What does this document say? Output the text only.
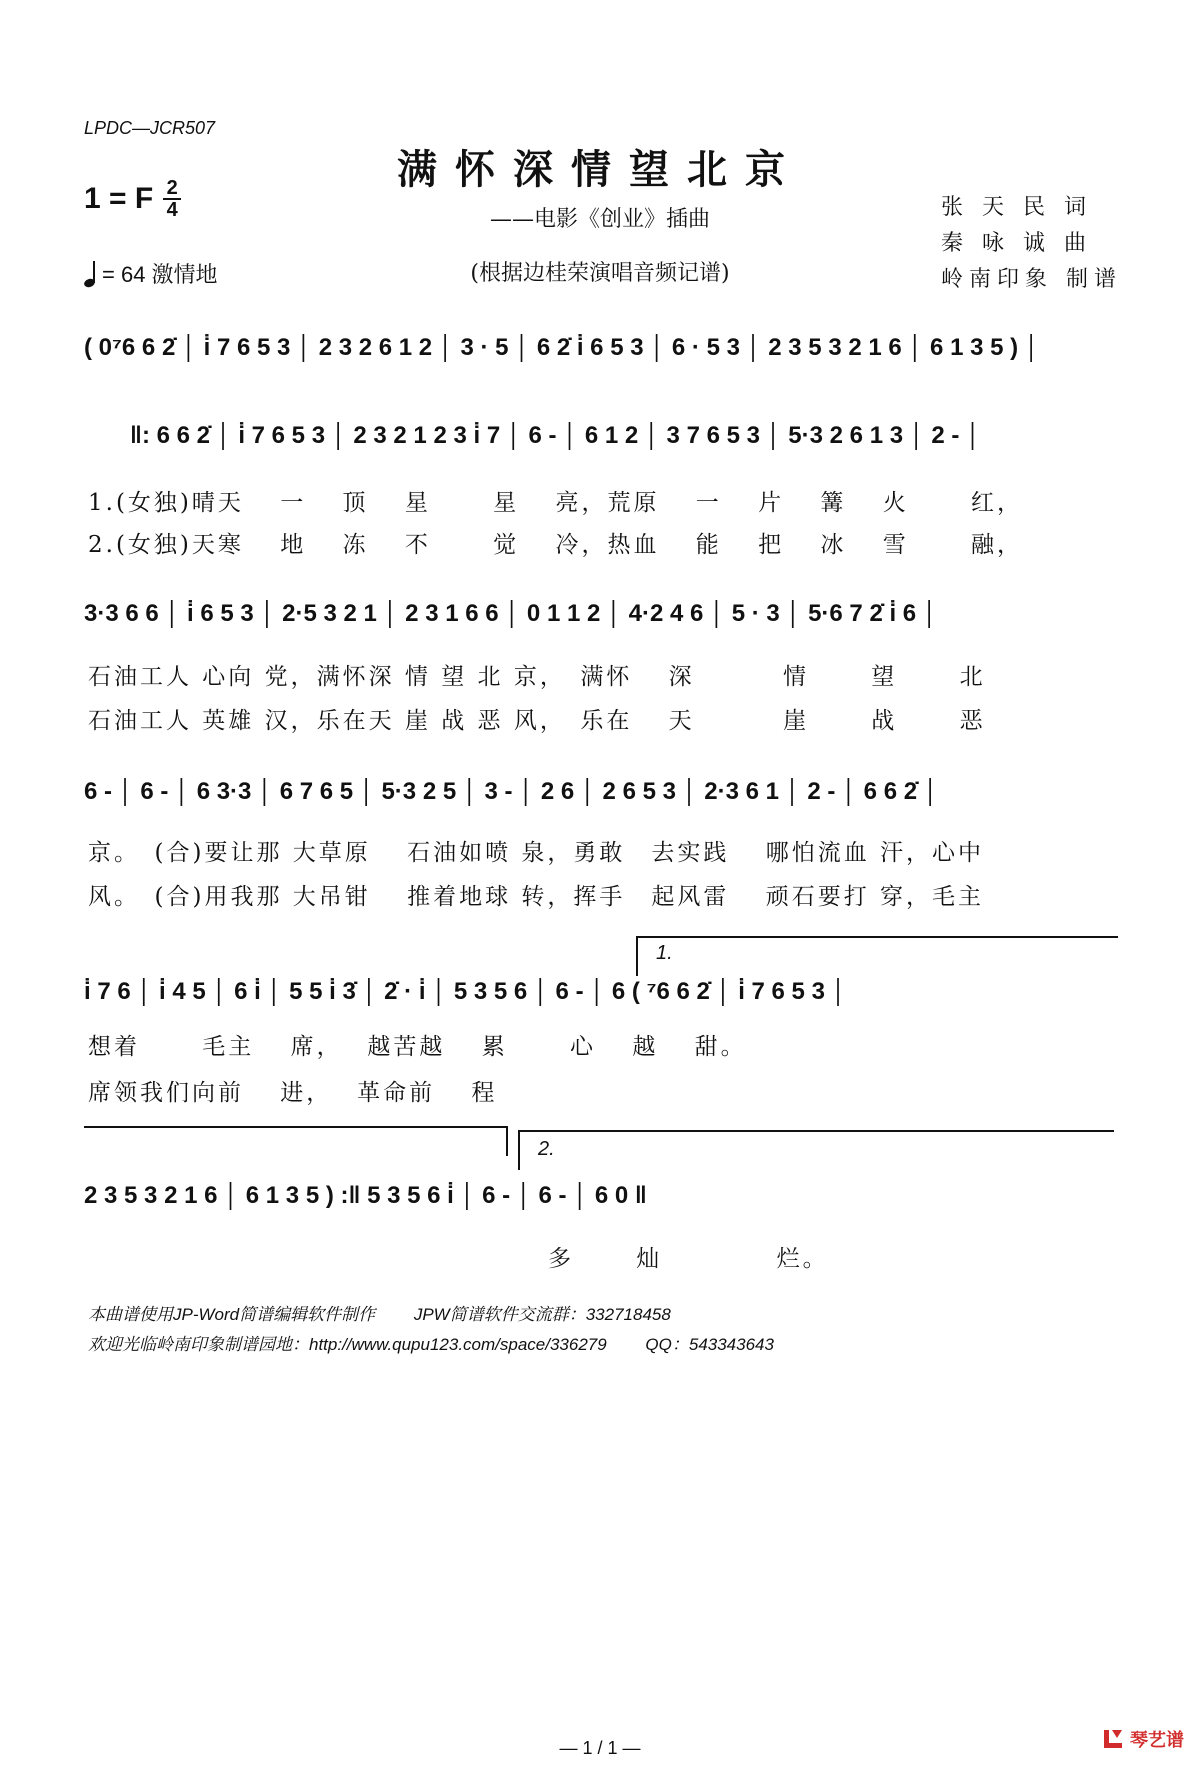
LPDC—JCR507
1 = F $\frac{2}{4}$
= 64 激情地
满怀深情望北京
——电影《创业》插曲
(根据边桂荣演唱音频记谱)
张 天 民 词
秦 咏 诚 曲
岭南印象 制谱
( 0⁷6 6 2̇ │ i̇ 7 6 5 3 │ 2 3 2 6 1 2 │ 3 · 5 │ 6 2̇ i̇ 6 5 3 │ 6 · 5 3 │ 2 3 5 3 2 1 6 │ 6 1 3 5 ) │
‖: 6 6 2̇ │ i̇ 7 6 5 3 │ 2 3 2 1 2 3 i̇ 7 │ 6 - │ 6 1 2 │ 3 7 6 5 3 │ 5·3 2 6 1 3 │ 2 - │
1.(女独)晴天　 一　 顶　 星　　 星　 亮，荒原　 一　 片　 篝　 火　　 红，
2.(女独)天寒　 地　 冻　 不　　 觉　 冷，热血　 能　 把　 冰　 雪　　 融，
3·3 6 6 │ i̇ 6 5 3 │ 2·5 3 2 1 │ 2 3 1 6 6 │ 0 1 1 2 │ 4·2 4 6 │ 5 · 3 │ 5·6 7 2̇ i̇ 6 │
石油工人 心向 党，满怀深 情 望 北 京，　满怀　 深　　　 情　　 望　　 北
石油工人 英雄 汉，乐在天 崖 战 恶 风，　乐在　 天　　　 崖　　 战　　 恶
6 - │ 6 - │ 6 3·3 │ 6 7 6 5 │ 5·3 2 5 │ 3 - │ 2 6 │ 2 6 5 3 │ 2·3 6 1 │ 2 - │ 6 6 2̇ │
京。　(合)要让那 大草原　 石油如喷 泉，勇敢　去实践　 哪怕流血 汗，心中
风。　(合)用我那 大吊钳　 推着地球 转，挥手　起风雷　 顽石要打 穿，毛主
1.
i̇ 7 6 │ i̇ 4 5 │ 6 i̇ │ 5 5 i̇ 3̇ │ 2̇ · i̇ │ 5 3 5 6 │ 6 - │ 6 ( ⁷6 6 2̇ │ i̇ 7 6 5 3 │
想着　　 毛主　 席，　 越苦越　 累　　 心　 越　 甜。
席领我们向前　 进，　 革命前　 程
2.
2 3 5 3 2 1 6 │ 6 1 3 5 ) :‖ 5 3 5 6 i̇ │ 6 - │ 6 - │ 6 0 ‖
多　　 灿　　　　 烂。
本曲谱使用JP-Word简谱编辑软件制作　　 JPW简谱软件交流群：332718458
欢迎光临岭南印象制谱园地：http://www.qupu123.com/space/336279　　 QQ：543343643
— 1 / 1 —	琴艺谱
